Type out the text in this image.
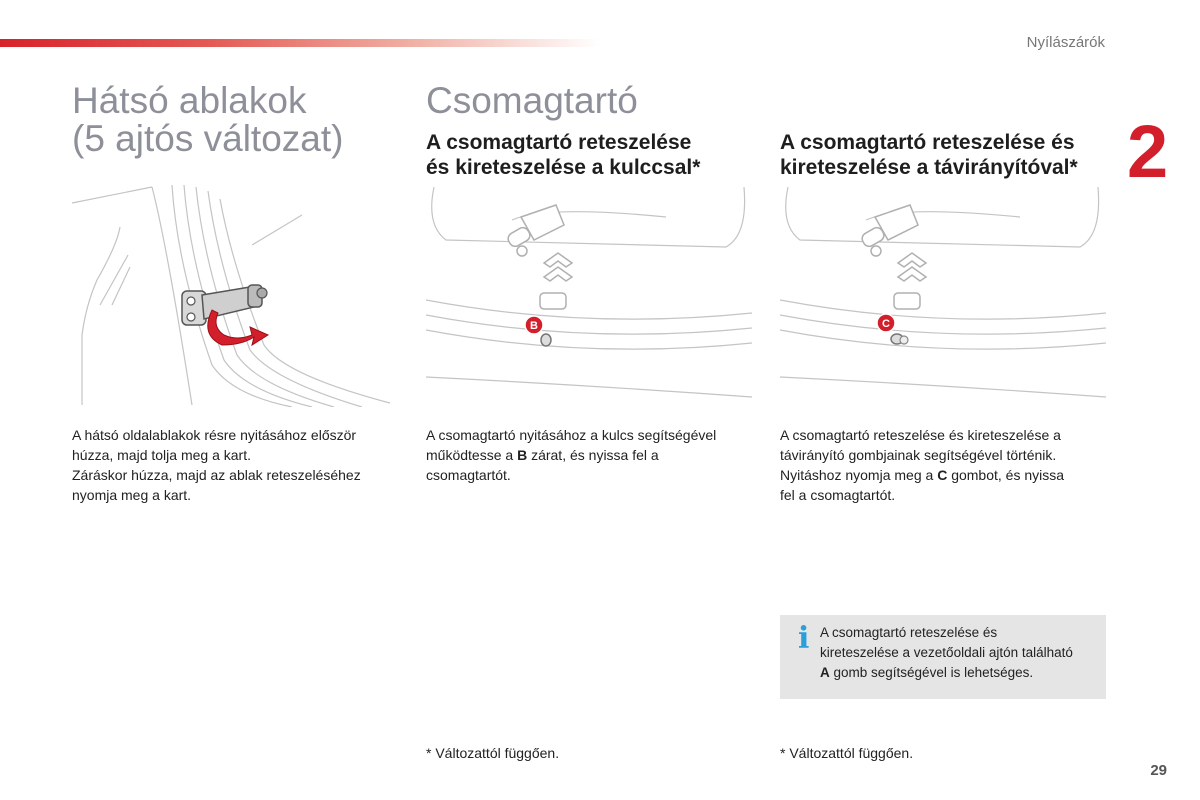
Nyílászárók
2
Hátsó ablakok
(5 ajtós változat)

A hátsó oldalablakok résre nyitásához először

húzza, majd tolja meg a kart.

Záráskor húzza, majd az ablak reteszeléséhez

nyomja meg a kart.

Csomagtartó
A csomagtartó reteszelése
és kireteszelése a kulccsal*
B

A csomagtartó nyitásához a kulcs segítségével

működtesse a B zárat, és nyissa fel a

csomagtartót.

* Változattól függően.
A csomagtartó reteszelése és
kireteszelése a távirányítóval*
C

A csomagtartó reteszelése és kireteszelése a

távirányító gombjainak segítségével történik.

Nyitáshoz nyomja meg a C gombot, és nyissa

fel a csomagtartót.

i A csomagtartó reteszelése és
kireteszelése a vezetőoldali ajtón található
A gomb segítségével is lehetséges.
* Változattól függően.
29
